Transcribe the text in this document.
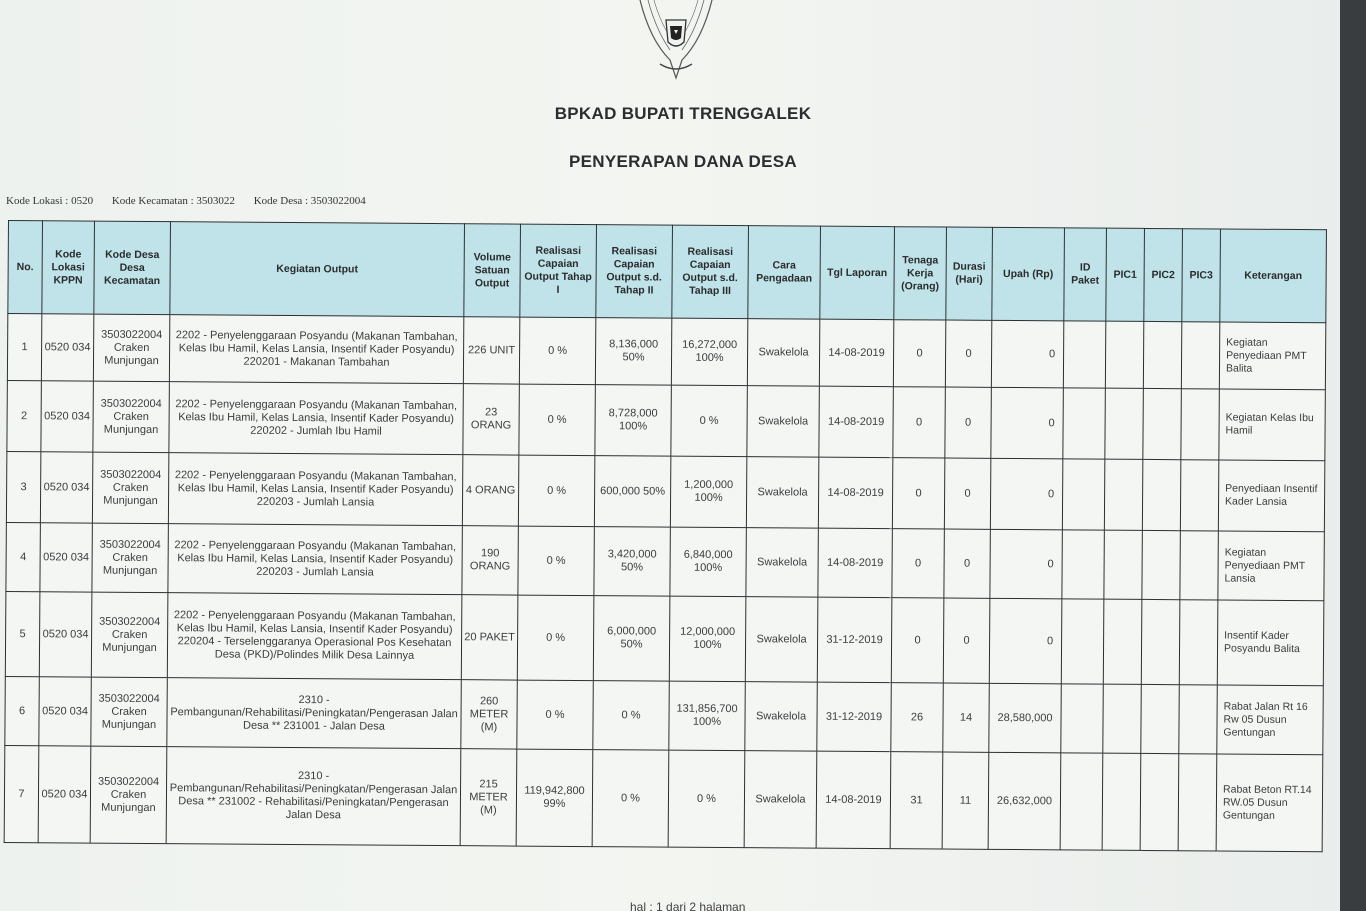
BPKAD BUPATI TRENGGALEK
PENYERAPAN DANA DESA
Kode Lokasi : 0520 Kode Kecamatan : 3503022 Kode Desa : 3503022004
No.	Kode Lokasi KPPN	Kode Desa Desa Kecamatan	Kegiatan Output	Volume Satuan Output	Realisasi Capaian Output Tahap I	Realisasi Capaian Output s.d. Tahap II	Realisasi Capaian Output s.d. Tahap III	Cara Pengadaan	Tgl Laporan	Tenaga Kerja (Orang)	Durasi (Hari)	Upah (Rp)	ID Paket	PIC1	PIC2	PIC3	Keterangan
1	0520 034	3503022004 Craken Munjungan	2202 - Penyelenggaraan Posyandu (Makanan Tambahan, Kelas Ibu Hamil, Kelas Lansia, Insentif Kader Posyandu) 220201 - Makanan Tambahan	226 UNIT	0 %	8,136,000 50%	16,272,000 100%	Swakelola	14-08-2019	0	0	0					Kegiatan Penyediaan PMT Balita
2	0520 034	3503022004 Craken Munjungan	2202 - Penyelenggaraan Posyandu (Makanan Tambahan, Kelas Ibu Hamil, Kelas Lansia, Insentif Kader Posyandu) 220202 - Jumlah Ibu Hamil	23 ORANG	0 %	8,728,000 100%	0 %	Swakelola	14-08-2019	0	0	0					Kegiatan Kelas Ibu Hamil
3	0520 034	3503022004 Craken Munjungan	2202 - Penyelenggaraan Posyandu (Makanan Tambahan, Kelas Ibu Hamil, Kelas Lansia, Insentif Kader Posyandu) 220203 - Jumlah Lansia	4 ORANG	0 %	600,000 50%	1,200,000 100%	Swakelola	14-08-2019	0	0	0					Penyediaan Insentif Kader Lansia
4	0520 034	3503022004 Craken Munjungan	2202 - Penyelenggaraan Posyandu (Makanan Tambahan, Kelas Ibu Hamil, Kelas Lansia, Insentif Kader Posyandu) 220203 - Jumlah Lansia	190 ORANG	0 %	3,420,000 50%	6,840,000 100%	Swakelola	14-08-2019	0	0	0					Kegiatan Penyediaan PMT Lansia
5	0520 034	3503022004 Craken Munjungan	2202 - Penyelenggaraan Posyandu (Makanan Tambahan, Kelas Ibu Hamil, Kelas Lansia, Insentif Kader Posyandu) 220204 - Terselenggaranya Operasional Pos Kesehatan Desa (PKD)/Polindes Milik Desa Lainnya	20 PAKET	0 %	6,000,000 50%	12,000,000 100%	Swakelola	31-12-2019	0	0	0					Insentif Kader Posyandu Balita
6	0520 034	3503022004 Craken Munjungan	2310 - Pembangunan/Rehabilitasi/Peningkatan/Pengerasan Jalan Desa ** 231001 - Jalan Desa	260 METER (M)	0 %	0 %	131,856,700 100%	Swakelola	31-12-2019	26	14	28,580,000					Rabat Jalan Rt 16 Rw 05 Dusun Gentungan
7	0520 034	3503022004 Craken Munjungan	2310 - Pembangunan/Rehabilitasi/Peningkatan/Pengerasan Jalan Desa ** 231002 - Rehabilitasi/Peningkatan/Pengerasan Jalan Desa	215 METER (M)	119,942,800 99%	0 %	0 %	Swakelola	14-08-2019	31	11	26,632,000					Rabat Beton RT.14 RW.05 Dusun Gentungan
hal : 1 dari 2 halaman
